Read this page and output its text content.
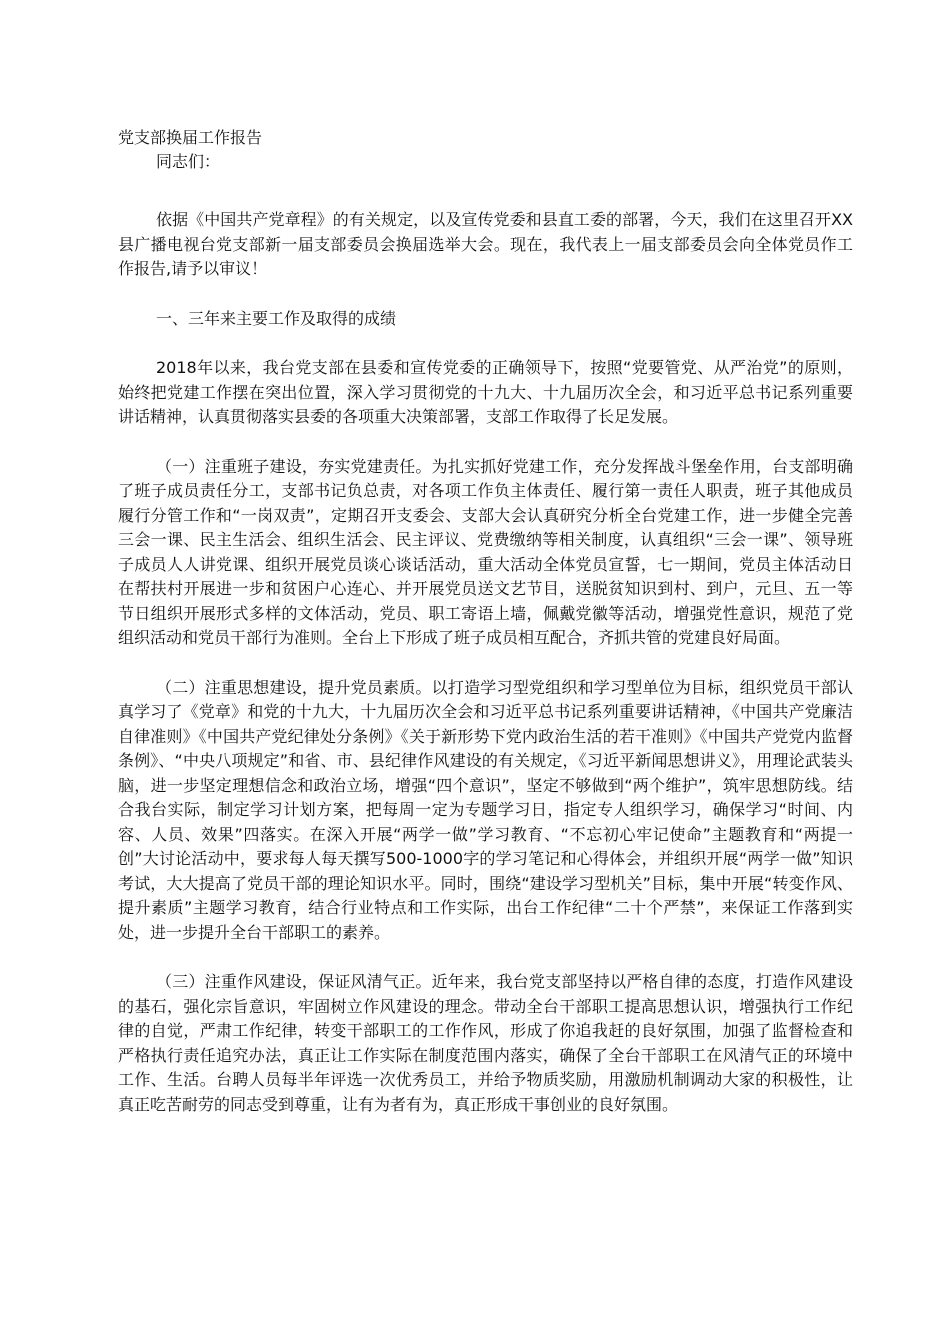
党支部换届工作报告

同志们：

依据《中国共产党章程》的有关规定，以及宣传党委和县直工委的部署，今天，我们在这里召开XX县广播电视台党支部新一届支部委员会换届选举大会。现在，我代表上一届支部委员会向全体党员作工作报告,请予以审议！

一、三年来主要工作及取得的成绩

2018年以来，我台党支部在县委和宣传党委的正确领导下，按照“党要管党、从严治党”的原则，始终把党建工作摆在突出位置，深入学习贯彻党的十九大、十九届历次全会，和习近平总书记系列重要讲话精神，认真贯彻落实县委的各项重大决策部署，支部工作取得了长足发展。

（一）注重班子建设，夯实党建责任。为扎实抓好党建工作，充分发挥战斗堡垒作用，台支部明确了班子成员责任分工，支部书记负总责，对各项工作负主体责任、履行第一责任人职责，班子其他成员履行分管工作和“一岗双责”，定期召开支委会、支部大会认真研究分析全台党建工作，进一步健全完善三会一课、民主生活会、组织生活会、民主评议、党费缴纳等相关制度，认真组织“三会一课”、领导班子成员人人讲党课、组织开展党员谈心谈话活动，重大活动全体党员宣誓，七一期间，党员主体活动日在帮扶村开展进一步和贫困户心连心、并开展党员送文艺节目，送脱贫知识到村、到户，元旦、五一等节日组织开展形式多样的文体活动，党员、职工寄语上墙，佩戴党徽等活动，增强党性意识，规范了党组织活动和党员干部行为准则。全台上下形成了班子成员相互配合，齐抓共管的党建良好局面。

（二）注重思想建设，提升党员素质。以打造学习型党组织和学习型单位为目标，组织党员干部认真学习了《党章》和党的十九大，十九届历次全会和习近平总书记系列重要讲话精神，《中国共产党廉洁自律准则》《中国共产党纪律处分条例》《关于新形势下党内政治生活的若干准则》《中国共产党党内监督条例》、“中央八项规定”和省、市、县纪律作风建设的有关规定，《习近平新闻思想讲义》，用理论武装头脑，进一步坚定理想信念和政治立场，增强“四个意识”，坚定不够做到“两个维护”，筑牢思想防线。结合我台实际，制定学习计划方案，把每周一定为专题学习日，指定专人组织学习，确保学习“时间、内容、人员、效果”四落实。在深入开展“两学一做”学习教育、“不忘初心牢记使命”主题教育和“两提一创”大讨论活动中，要求每人每天撰写500-1000字的学习笔记和心得体会，并组织开展“两学一做”知识考试，大大提高了党员干部的理论知识水平。同时，围绕“建设学习型机关”目标，集中开展“转变作风、提升素质”主题学习教育，结合行业特点和工作实际，出台工作纪律“二十个严禁”，来保证工作落到实处，进一步提升全台干部职工的素养。

（三）注重作风建设，保证风清气正。近年来，我台党支部坚持以严格自律的态度，打造作风建设的基石，强化宗旨意识，牢固树立作风建设的理念。带动全台干部职工提高思想认识，增强执行工作纪律的自觉，严肃工作纪律，转变干部职工的工作作风，形成了你追我赶的良好氛围，加强了监督检查和严格执行责任追究办法，真正让工作实际在制度范围内落实，确保了全台干部职工在风清气正的环境中工作、生活。台聘人员每半年评选一次优秀员工，并给予物质奖励，用激励机制调动大家的积极性，让真正吃苦耐劳的同志受到尊重，让有为者有为，真正形成干事创业的良好氛围。
